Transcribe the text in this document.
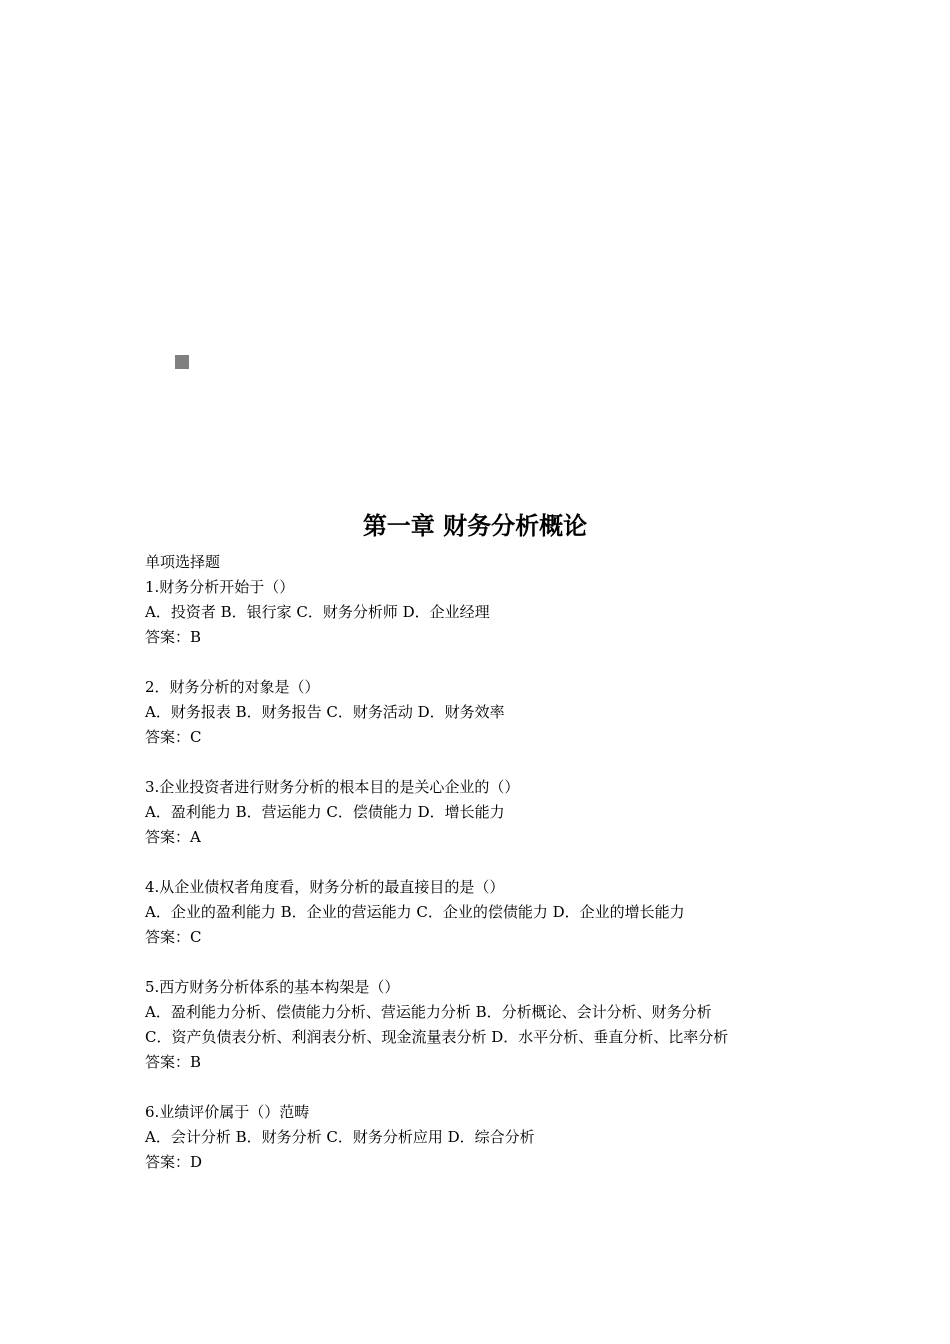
第一章 财务分析概论
单项选择题
1.财务分析开始于（）
A．投资者 B．银行家 C．财务分析师 D．企业经理
答案：B
2．财务分析的对象是（）
A．财务报表 B．财务报告 C．财务活动 D．财务效率
答案：C
3.企业投资者进行财务分析的根本目的是关心企业的（）
A．盈利能力 B．营运能力 C．偿债能力 D．增长能力
答案：A
4.从企业债权者角度看，财务分析的最直接目的是（）
A．企业的盈利能力 B．企业的营运能力 C．企业的偿债能力 D．企业的增长能力
答案：C
5.西方财务分析体系的基本构架是（）
A．盈利能力分析、偿债能力分析、营运能力分析 B．分析概论、会计分析、财务分析
C．资产负债表分析、利润表分析、现金流量表分析 D．水平分析、垂直分析、比率分析
答案：B
6.业绩评价属于（）范畴
A．会计分析 B．财务分析 C．财务分析应用 D．综合分析
答案：D
